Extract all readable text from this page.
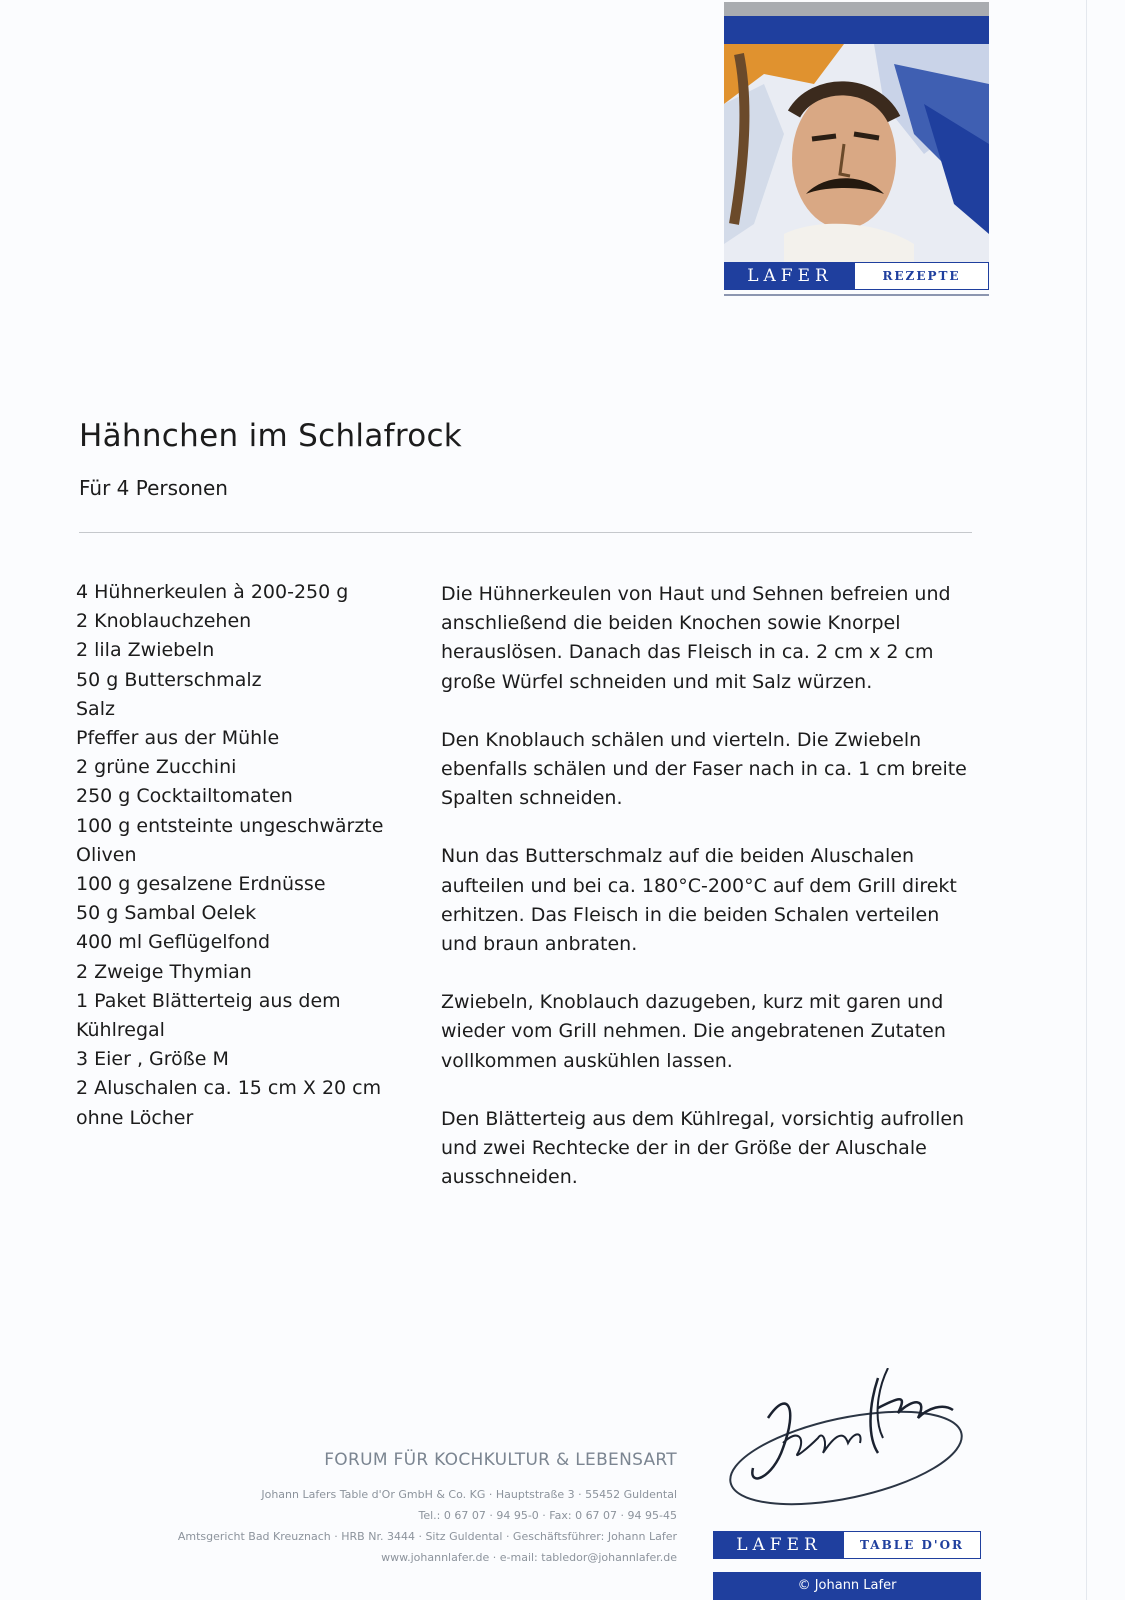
LAFER	REZEPTE
Hähnchen im Schlafrock
Für 4 Personen
4 Hühnerkeulen à 200-250 g
2 Knoblauchzehen
2 lila Zwiebeln
50 g Butterschmalz
Salz
Pfeffer aus der Mühle
2 grüne Zucchini
250 g Cocktailtomaten
100 g entsteinte ungeschwärzte
Oliven
100 g gesalzene Erdnüsse
50 g Sambal Oelek
400 ml Geflügelfond
2 Zweige Thymian
1 Paket Blätterteig aus dem
Kühlregal
3 Eier , Größe M
2 Aluschalen ca. 15 cm X 20 cm
ohne Löcher

Die Hühnerkeulen von Haut und Sehnen befreien und anschließend die beiden Knochen sowie Knorpel herauslösen. Danach das Fleisch in ca. 2 cm x 2 cm große Würfel schneiden und mit Salz würzen.

Den Knoblauch schälen und vierteln. Die Zwiebeln ebenfalls schälen und der Faser nach in ca. 1 cm breite Spalten schneiden.

Nun das Butterschmalz auf die beiden Aluschalen aufteilen und bei ca. 180°C-200°C auf dem Grill direkt erhitzen. Das Fleisch in die beiden Schalen verteilen und braun anbraten.

Zwiebeln, Knoblauch dazugeben, kurz mit garen und wieder vom Grill nehmen. Die angebratenen Zutaten vollkommen auskühlen lassen.

Den Blätterteig aus dem Kühlregal, vorsichtig aufrollen und zwei Rechtecke der in der Größe der Aluschale ausschneiden.

FORUM FÜR KOCHKULTUR & LEBENSART

Johann Lafers Table d'Or GmbH & Co. KG · Hauptstraße 3 · 55452 Guldental

Tel.: 0 67 07 · 94 95-0 · Fax: 0 67 07 · 94 95-45

Amtsgericht Bad Kreuznach · HRB Nr. 3444 · Sitz Guldental · Geschäftsführer: Johann Lafer

www.johannlafer.de · e-mail: tabledor@johannlafer.de

LAFER	TABLE D'OR
© Johann Lafer
